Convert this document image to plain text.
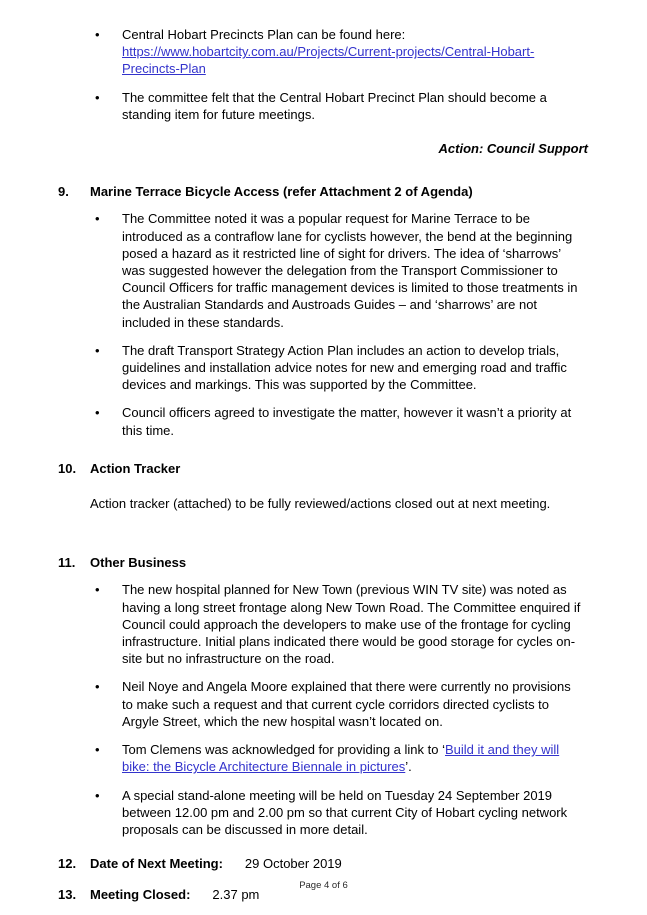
• Central Hobart Precincts Plan can be found here:
https://www.hobartcity.com.au/Projects/Current-projects/Central-Hobart-Precincts-Plan
• The committee felt that the Central Hobart Precinct Plan should become a standing item for future meetings.
Action: Council Support
9. Marine Terrace Bicycle Access (refer Attachment 2 of Agenda)
• The Committee noted it was a popular request for Marine Terrace to be introduced as a contraflow lane for cyclists however, the bend at the beginning posed a hazard as it restricted line of sight for drivers. The idea of ‘sharrows’ was suggested however the delegation from the Transport Commissioner to Council Officers for traffic management devices is limited to those treatments in the Australian Standards and Austroads Guides – and ‘sharrows’ are not included in these standards.
• The draft Transport Strategy Action Plan includes an action to develop trials, guidelines and installation advice notes for new and emerging road and traffic devices and markings. This was supported by the Committee.
• Council officers agreed to investigate the matter, however it wasn’t a priority at this time.
10. Action Tracker
Action tracker (attached) to be fully reviewed/actions closed out at next meeting.
11. Other Business
• The new hospital planned for New Town (previous WIN TV site) was noted as having a long street frontage along New Town Road. The Committee enquired if Council could approach the developers to make use of the frontage for cycling infrastructure. Initial plans indicated there would be good storage for cycles on-site but no infrastructure on the road.
• Neil Noye and Angela Moore explained that there were currently no provisions to make such a request and that current cycle corridors directed cyclists to Argyle Street, which the new hospital wasn’t located on.
• Tom Clemens was acknowledged for providing a link to ‘Build it and they will bike: the Bicycle Architecture Biennale in pictures’.
• A special stand-alone meeting will be held on Tuesday 24 September 2019 between 12.00 pm and 2.00 pm so that current City of Hobart cycling network proposals can be discussed in more detail.
12. Date of Next Meeting: 29 October 2019
13. Meeting Closed: 2.37 pm
Page 4 of 6
